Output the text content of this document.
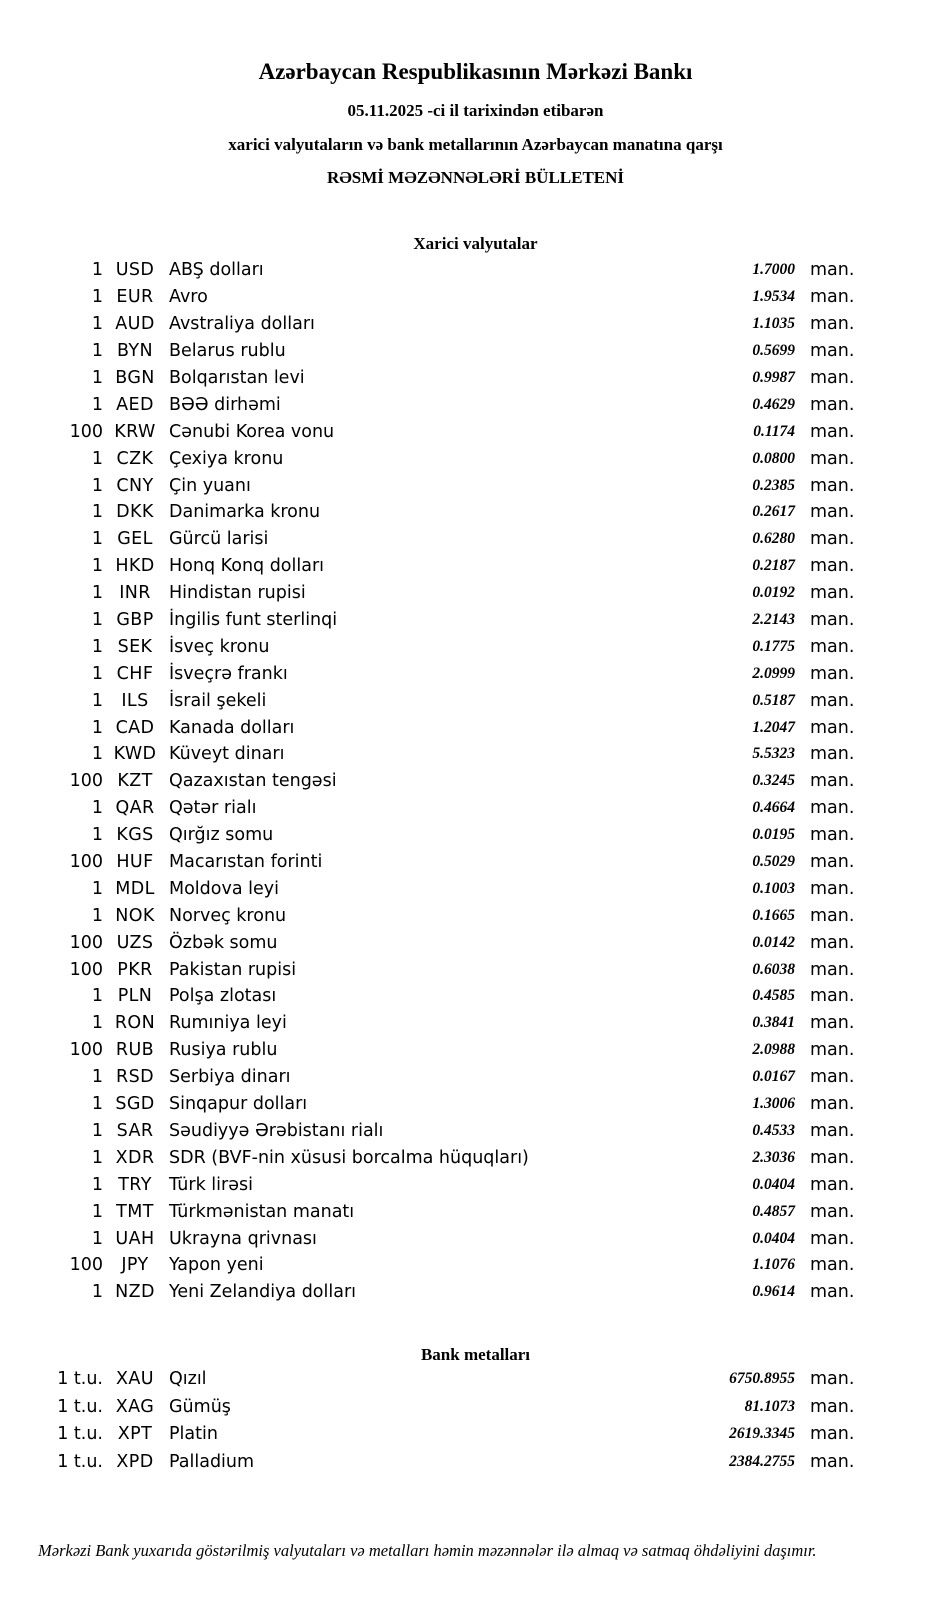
Azərbaycan Respublikasının Mərkəzi Bankı
05.11.2025 -ci il tarixindən etibarən
xarici valyutaların və bank metallarının Azərbaycan manatına qarşı
RƏSMİ MƏZƏNNƏLƏRİ BÜLLETENİ
Xarici valyutalar
1 USD ABŞ dolları	1.7000 man.
1 EUR Avro	1.9534 man.
1 AUD Avstraliya dolları	1.1035 man.
1 BYN Belarus rublu	0.5699 man.
1 BGN Bolqarıstan levi	0.9987 man.
1 AED BƏƏ dirhəmi	0.4629 man.
100 KRW Cənubi Korea vonu	0.1174 man.
1 CZK Çexiya kronu	0.0800 man.
1 CNY Çin yuanı	0.2385 man.
1 DKK Danimarka kronu	0.2617 man.
1 GEL Gürcü larisi	0.6280 man.
1 HKD Honq Konq dolları	0.2187 man.
1 INR	Hindistan rupisi	0.0192 man.
1 GBP İngilis funt sterlinqi	2.2143 man.
1 SEK İsveç kronu	0.1775 man.
1 CHF İsveçrə frankı	2.0999 man.
1	ILS	İsrail şekeli	0.5187 man.
1 CAD Kanada dolları	1.2047 man.
1 KWD Küveyt dinarı	5.5323 man.
100 KZT Qazaxıstan tengəsi	0.3245 man.
1 QAR Qətər rialı	0.4664 man.
1 KGS Qırğız somu	0.0195 man.
100 HUF Macarıstan forinti	0.5029 man.
1 MDL Moldova leyi	0.1003 man.
1 NOK Norveç kronu	0.1665 man.
100 UZS Özbək somu	0.0142 man.
100 PKR Pakistan rupisi	0.6038 man.
1 PLN Polşa zlotası	0.4585 man.
1 RON Rumıniya leyi	0.3841 man.
100 RUB Rusiya rublu	2.0988 man.
1 RSD Serbiya dinarı	0.0167 man.
1 SGD Sinqapur dolları	1.3006 man.
1 SAR Səudiyyə Ərəbistanı rialı	0.4533 man.
1 XDR SDR (BVF-nin xüsusi borcalma hüquqları)	2.3036 man.
1 TRY Türk lirəsi	0.0404 man.
1 TMT Türkmənistan manatı	0.4857 man.
1 UAH Ukrayna qrivnası	0.0404 man.
100	JPY	Yapon yeni	1.1076 man.
1 NZD Yeni Zelandiya dolları	0.9614 man.
Bank metalları
1 t.u. XAU Qızıl	6750.8955 man.
1 t.u. XAG Gümüş	81.1073 man.
1 t.u. XPT Platin	2619.3345 man.
1 t.u. XPD Palladium	2384.2755 man.
Mərkəzi Bank yuxarıda göstərilmiş valyutaları və metalları həmin məzənnələr ilə almaq və satmaq öhdəliyini daşımır.
